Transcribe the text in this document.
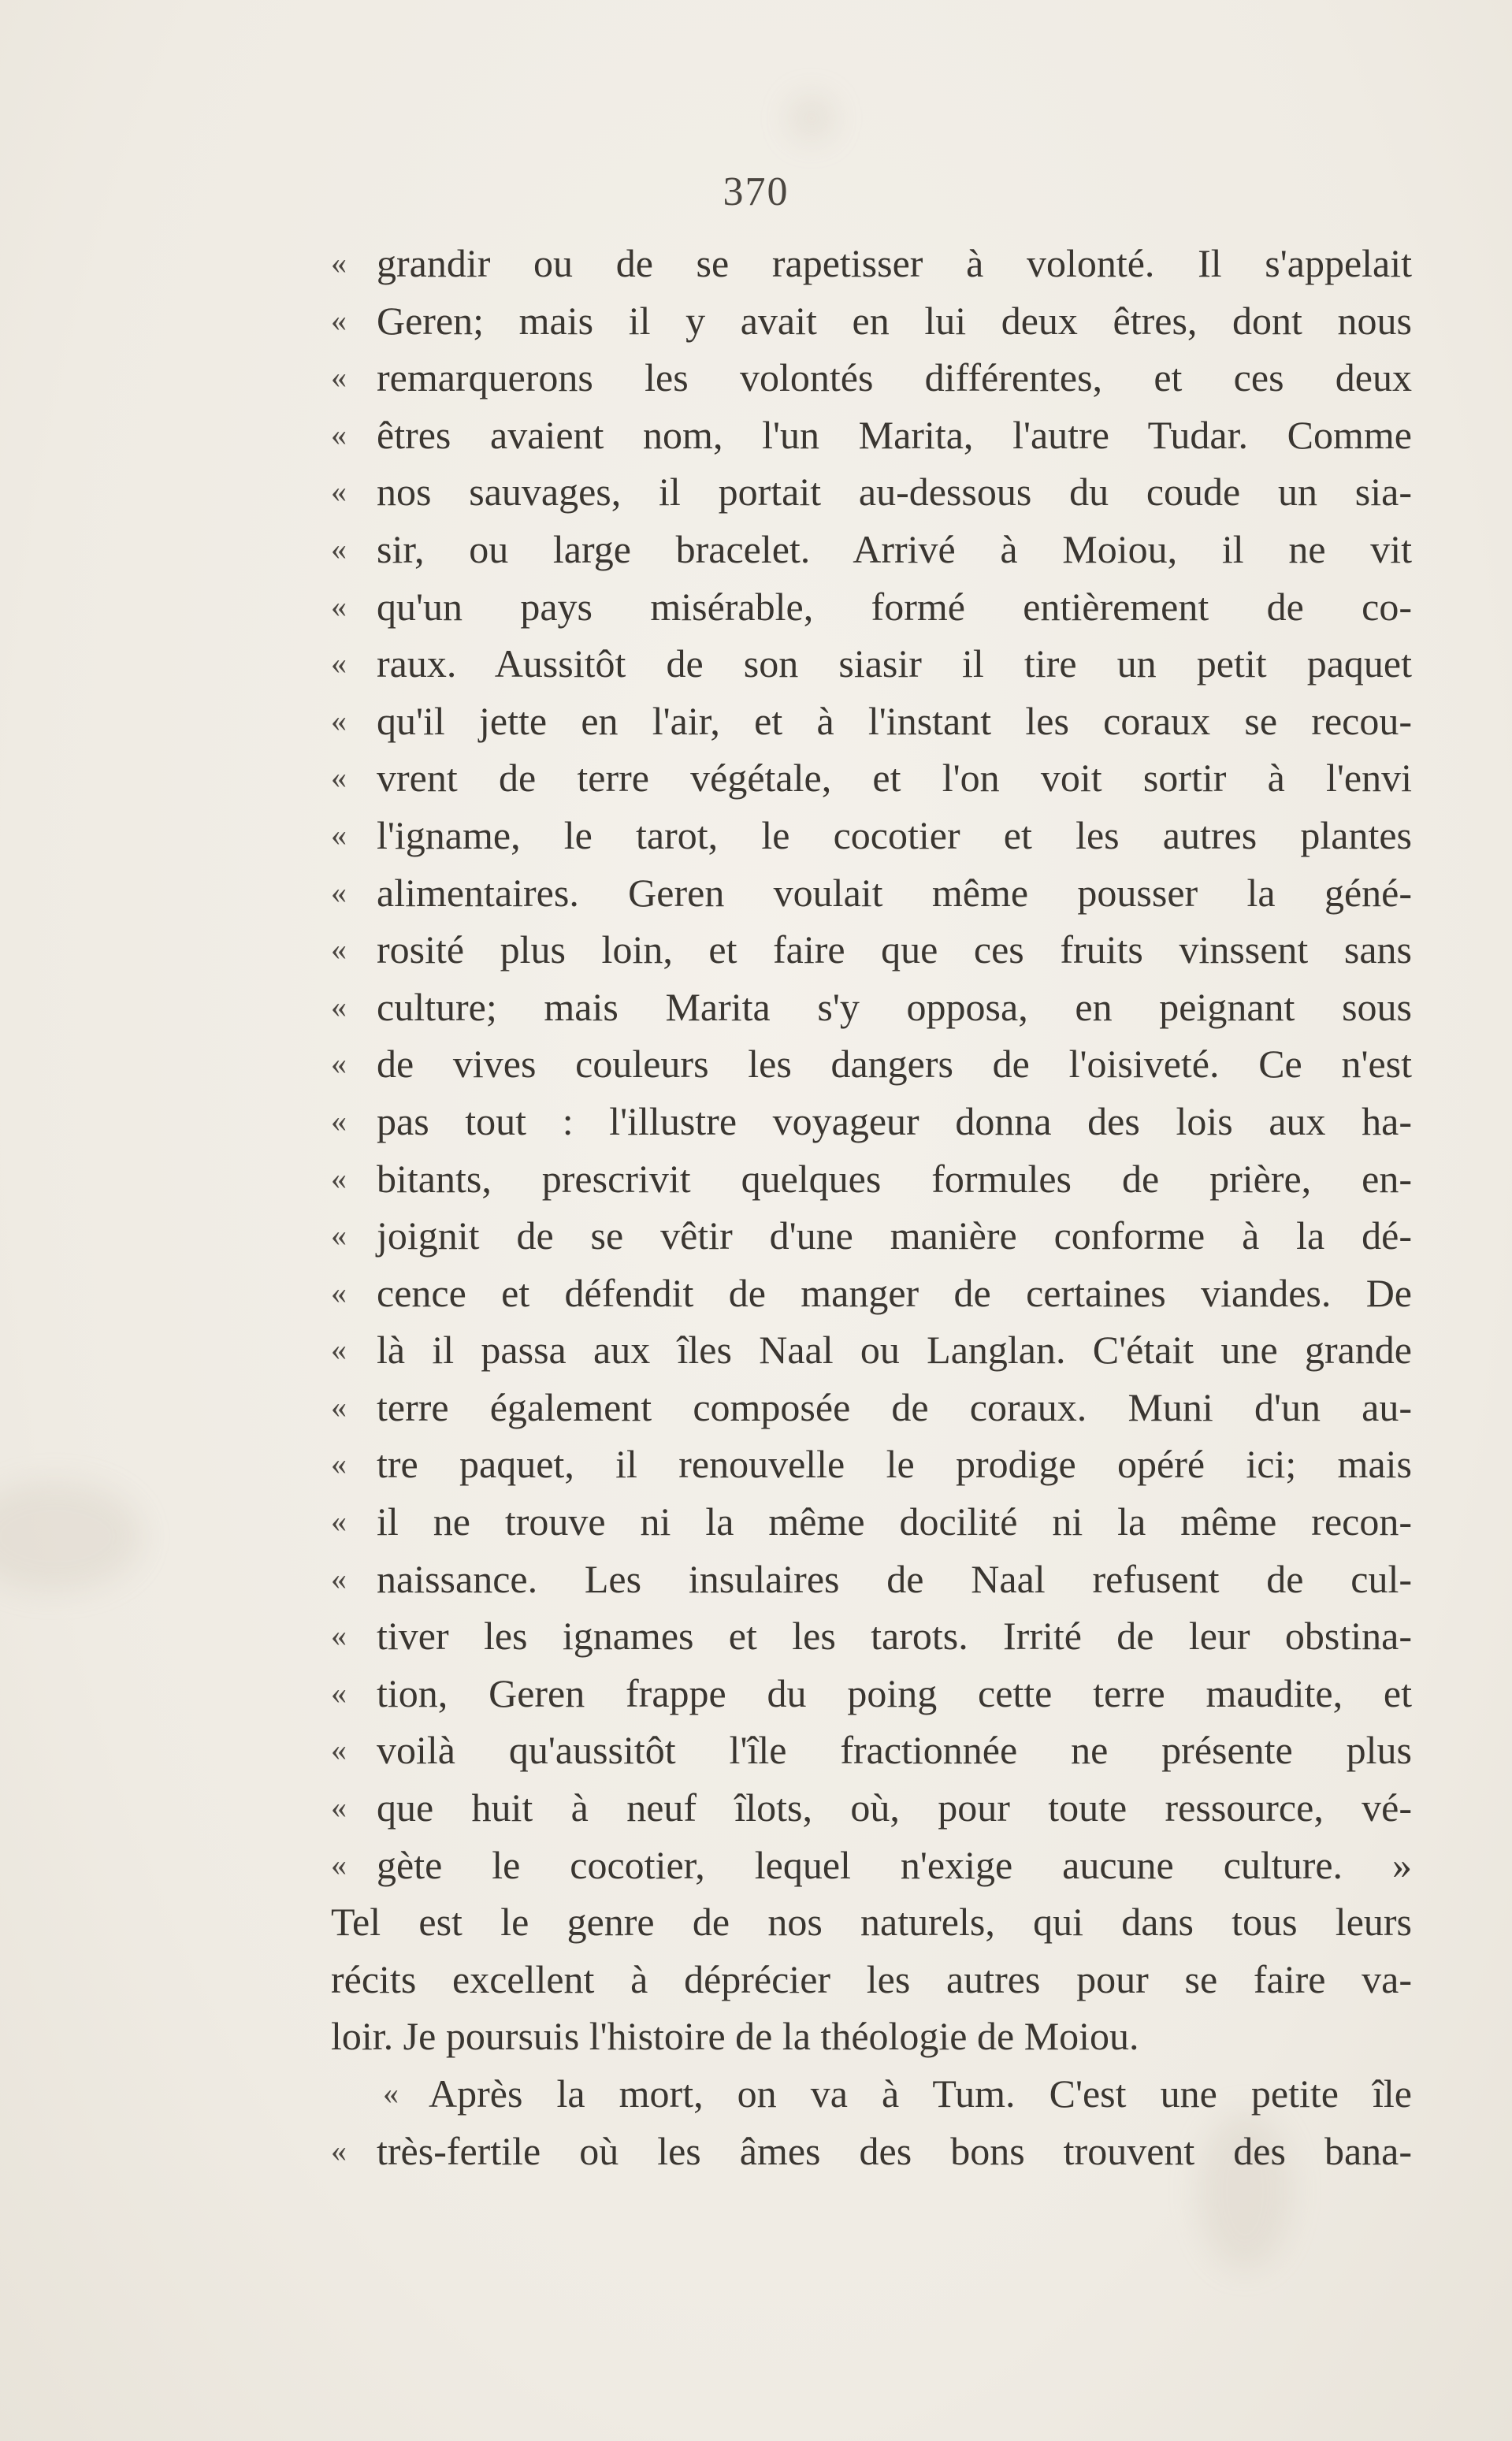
370
« grandir ou de se rapetisser à volonté. Il s'appelait
« Geren; mais il y avait en lui deux êtres, dont nous
« remarquerons les volontés différentes, et ces deux
« êtres avaient nom, l'un Marita, l'autre Tudar. Comme
« nos sauvages, il portait au-dessous du coude un sia-
« sir, ou large bracelet. Arrivé à Moiou, il ne vit
« qu'un pays misérable, formé entièrement de co-
« raux. Aussitôt de son siasir il tire un petit paquet
« qu'il jette en l'air, et à l'instant les coraux se recou-
« vrent de terre végétale, et l'on voit sortir à l'envi
« l'igname, le tarot, le cocotier et les autres plantes
« alimentaires. Geren voulait même pousser la géné-
« rosité plus loin, et faire que ces fruits vinssent sans
« culture; mais Marita s'y opposa, en peignant sous
« de vives couleurs les dangers de l'oisiveté. Ce n'est
« pas tout : l'illustre voyageur donna des lois aux ha-
« bitants, prescrivit quelques formules de prière, en-
« joignit de se vêtir d'une manière conforme à la dé-
« cence et défendit de manger de certaines viandes. De
« là il passa aux îles Naal ou Langlan. C'était une grande
« terre également composée de coraux. Muni d'un au-
« tre paquet, il renouvelle le prodige opéré ici; mais
« il ne trouve ni la même docilité ni la même recon-
« naissance. Les insulaires de Naal refusent de cul-
« tiver les ignames et les tarots. Irrité de leur obstina-
« tion, Geren frappe du poing cette terre maudite, et
« voilà qu'aussitôt l'île fractionnée ne présente plus
« que huit à neuf îlots, où, pour toute ressource, vé-
« gète le cocotier, lequel n'exige aucune culture. »
Tel est le genre de nos naturels, qui dans tous leurs
récits excellent à déprécier les autres pour se faire va-
loir. Je poursuis l'histoire de la théologie de Moiou.
« Après la mort, on va à Tum. C'est une petite île
« très-fertile où les âmes des bons trouvent des bana-
